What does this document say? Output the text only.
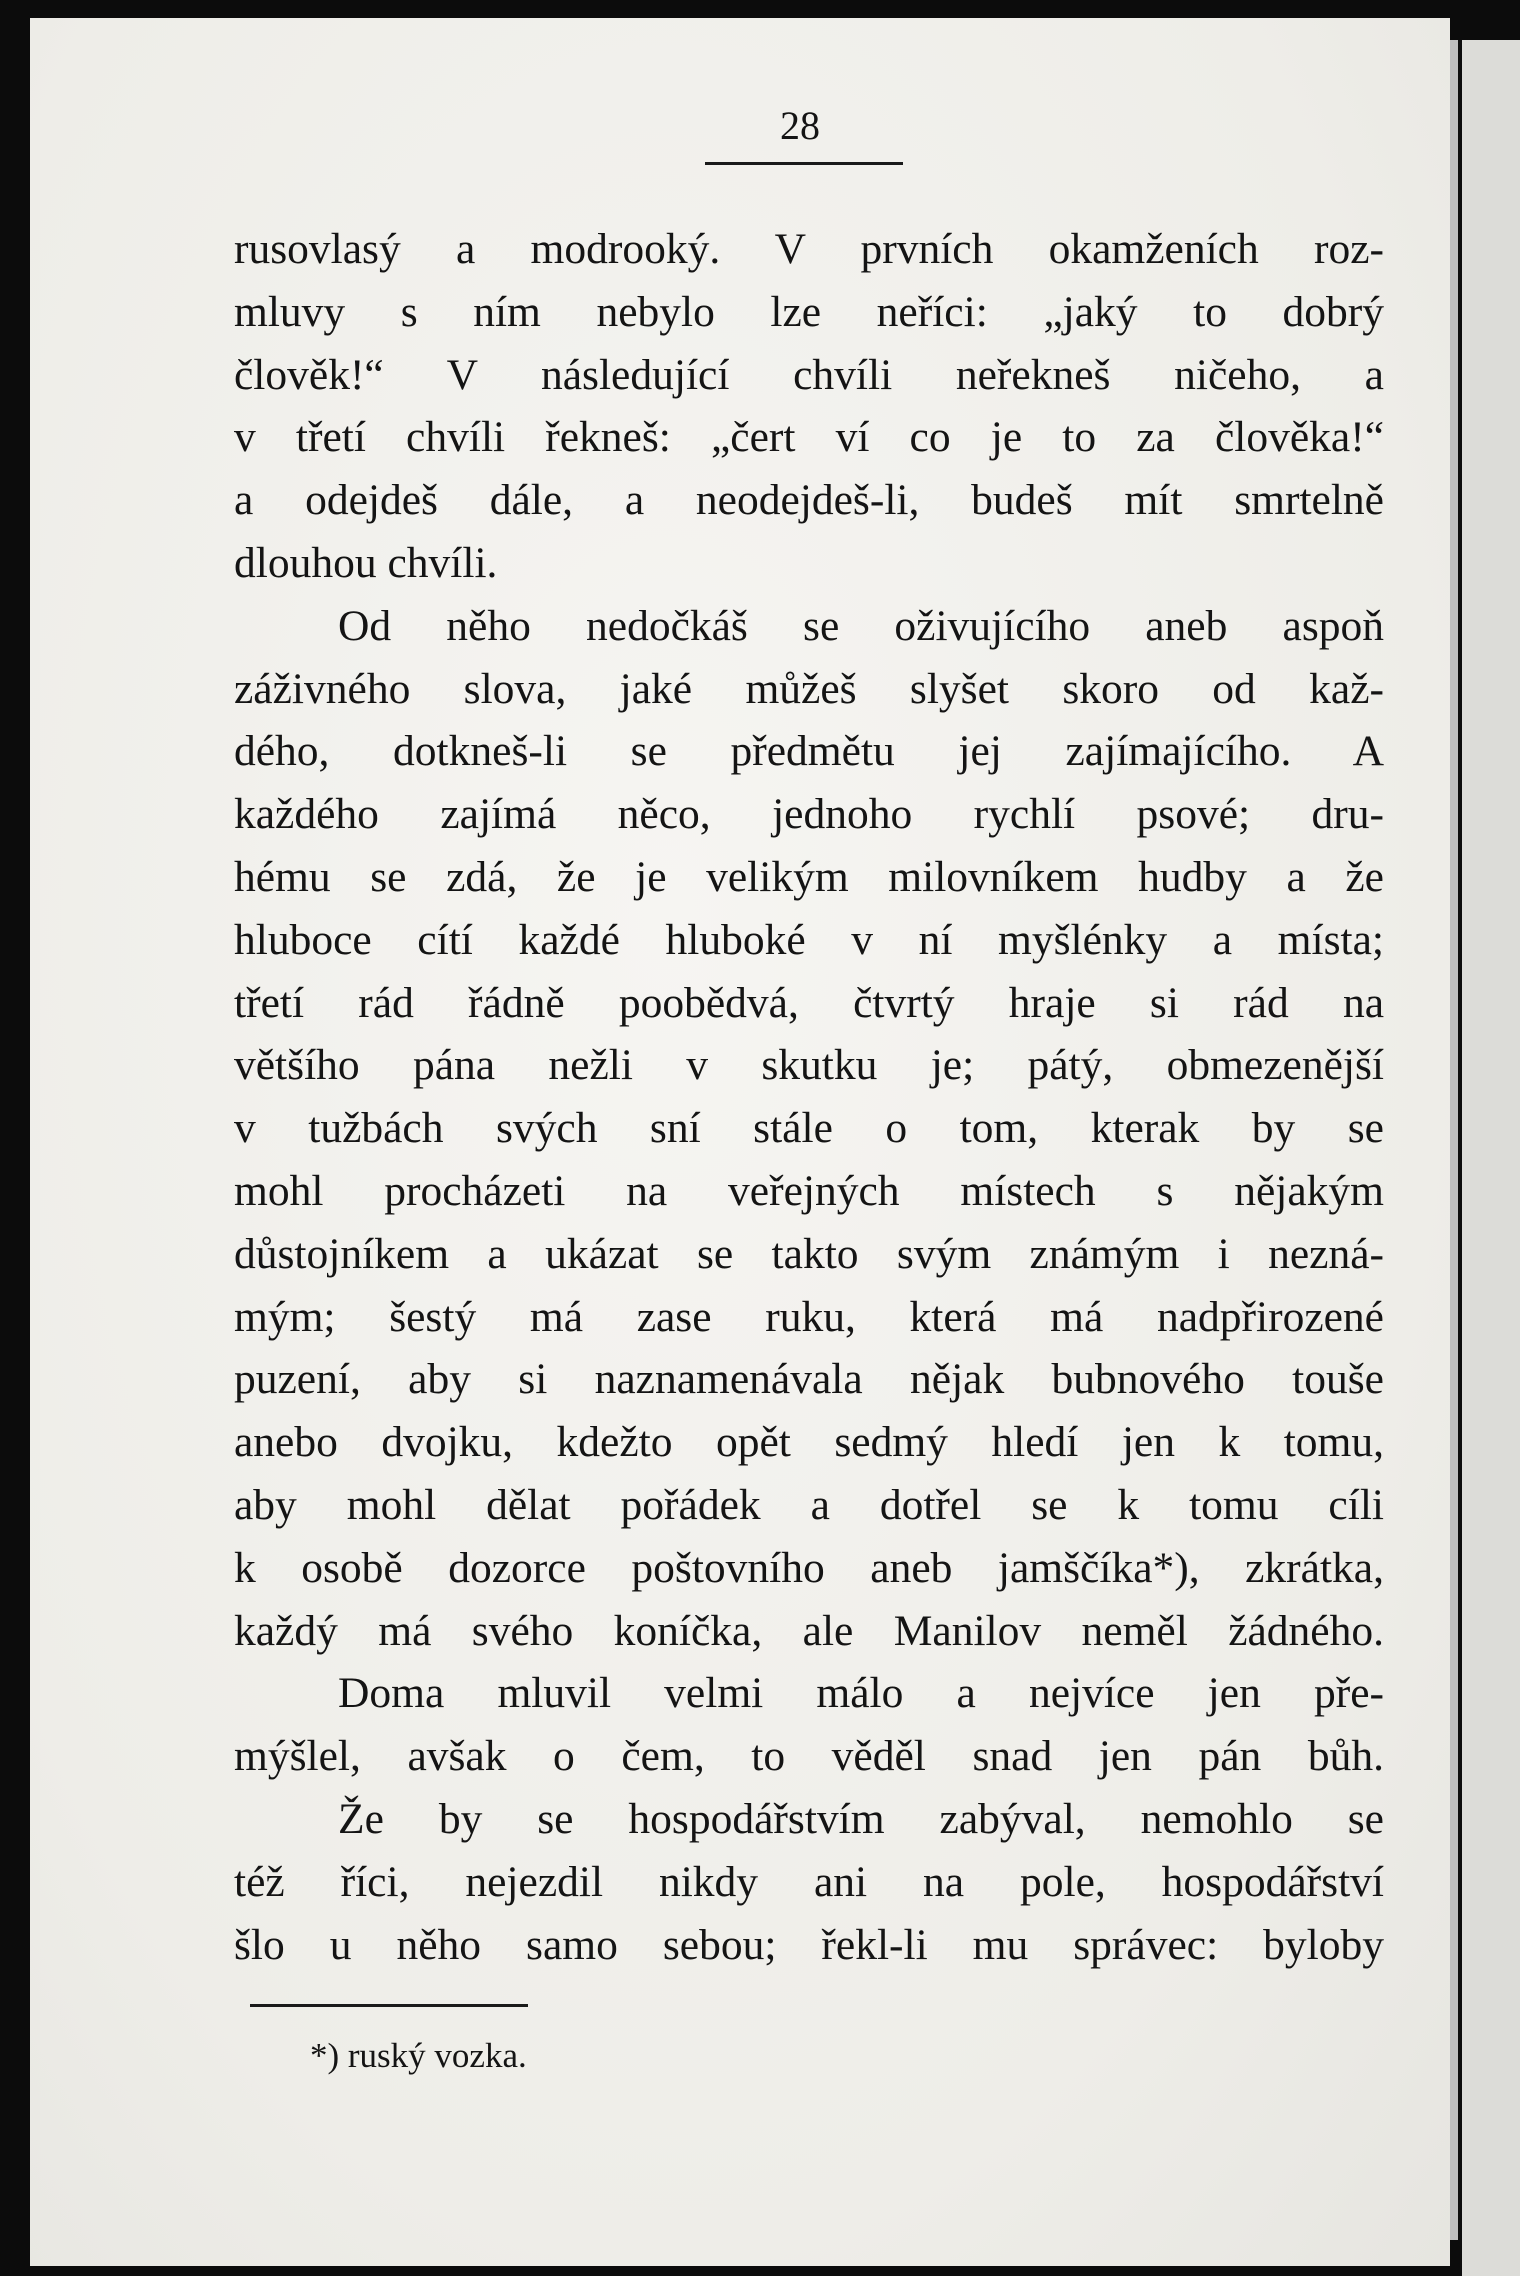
28
rusovlasý a modrooký. V prvních okamženích roz-
mluvy s ním nebylo lze neříci: „jaký to dobrý
člověk!“ V následující chvíli neřekneš ničeho, a
v třetí chvíli řekneš: „čert ví co je to za člověka!“
a odejdeš dále, a neodejdeš-li, budeš mít smrtelně
dlouhou chvíli.
Od něho nedočkáš se oživujícího aneb aspoň
záživného slova, jaké můžeš slyšet skoro od kaž-
dého, dotkneš-li se předmětu jej zajímajícího. A
každého zajímá něco, jednoho rychlí psové; dru-
hému se zdá, že je velikým milovníkem hudby a že
hluboce cítí každé hluboké v ní myšlénky a místa;
třetí rád řádně poobědvá, čtvrtý hraje si rád na
většího pána nežli v skutku je; pátý, obmezenější
v tužbách svých sní stále o tom, kterak by se
mohl procházeti na veřejných místech s nějakým
důstojníkem a ukázat se takto svým známým i nezná-
mým; šestý má zase ruku, která má nadpřirozené
puzení, aby si naznamenávala nějak bubnového touše
anebo dvojku, kdežto opět sedmý hledí jen k tomu,
aby mohl dělat pořádek a dotřel se k tomu cíli
k osobě dozorce poštovního aneb jamščíka*), zkrátka,
každý má svého koníčka, ale Manilov neměl žádného.
Doma mluvil velmi málo a nejvíce jen pře-
mýšlel, avšak o čem, to věděl snad jen pán bůh.
Že by se hospodářstvím zabýval, nemohlo se
též říci, nejezdil nikdy ani na pole, hospodářství
šlo u něho samo sebou; řekl-li mu správec: byloby
*) ruský vozka.
